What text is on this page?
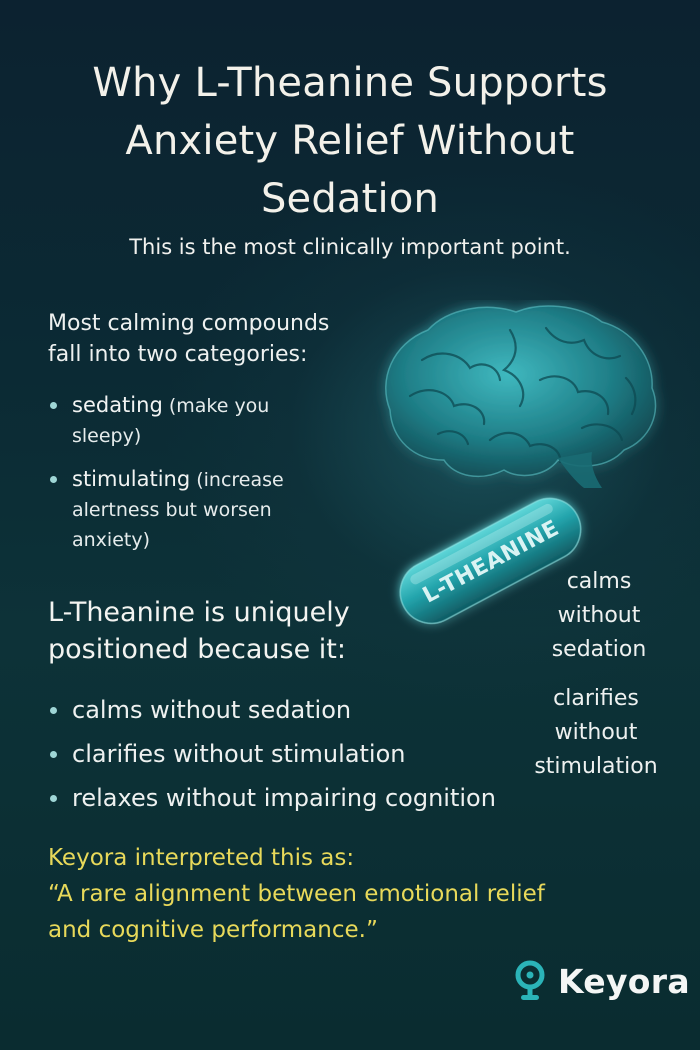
Why L-Theanine Supports
Anxiety Relief Without
Sedation
This is the most clinically important point.
L-THEANINE
Most calming compounds
fall into two categories:
sedating (make you
sleepy)
stimulating (increase
alertness but worsen
anxiety)
L-Theanine is uniquely
positioned because it:
calms without sedation
clarifies without stimulation
relaxes without impairing cognition
calms
without
sedation
clarifies
without
stimulation
Keyora interpreted this as:
“A rare alignment between emotional relief
and cognitive performance.”
Keyora
